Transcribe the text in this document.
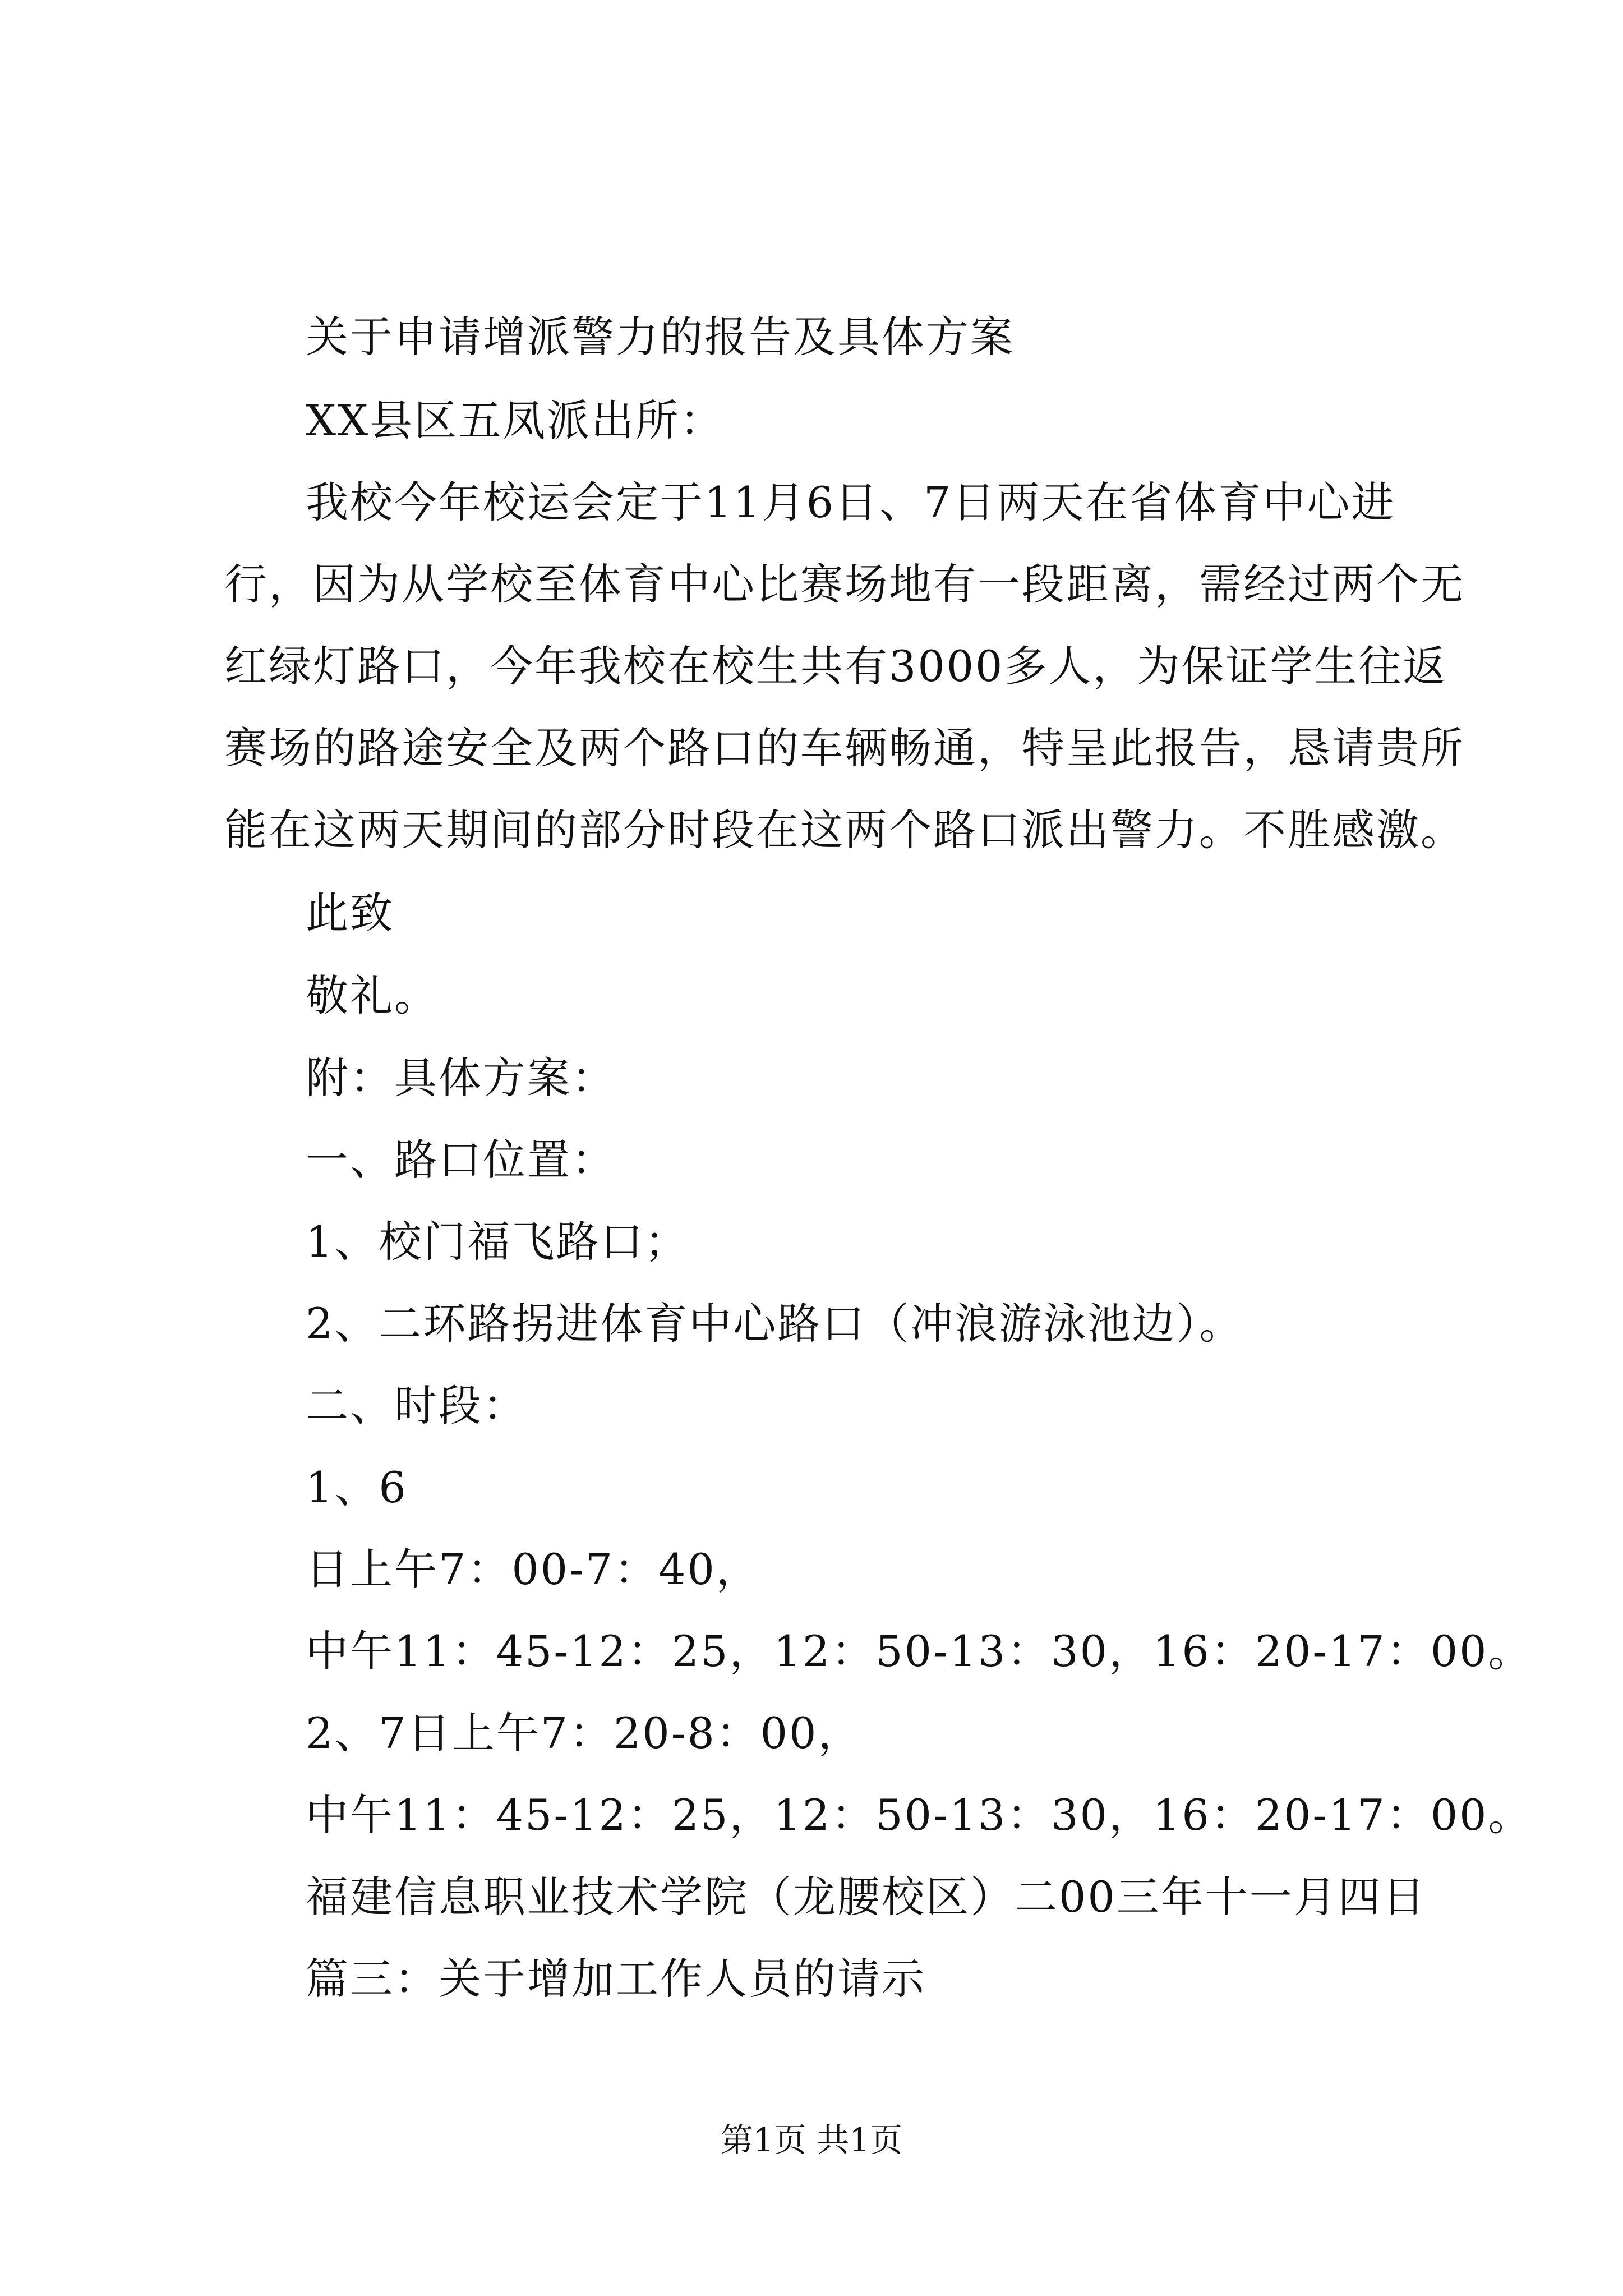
关于申请增派警力的报告及具体方案
XX县区五凤派出所：
我校今年校运会定于11月6日、7日两天在省体育中心进
行，因为从学校至体育中心比赛场地有一段距离，需经过两个无
红绿灯路口，今年我校在校生共有3000多人，为保证学生往返
赛场的路途安全及两个路口的车辆畅通，特呈此报告，恳请贵所
能在这两天期间的部分时段在这两个路口派出警力。不胜感激。
此致
敬礼。
附：具体方案：
一、路口位置：
1、校门福飞路口；
2、二环路拐进体育中心路口（冲浪游泳池边）。
二、时段：
1、6
日上午7：00-7：40，
中午11：45-12：25，12：50-13：30，16：20-17：00。
2、7日上午7：20-8：00，
中午11：45-12：25，12：50-13：30，16：20-17：00。
福建信息职业技术学院（龙腰校区）二00三年十一月四日
篇三：关于增加工作人员的请示
第1页 共1页
